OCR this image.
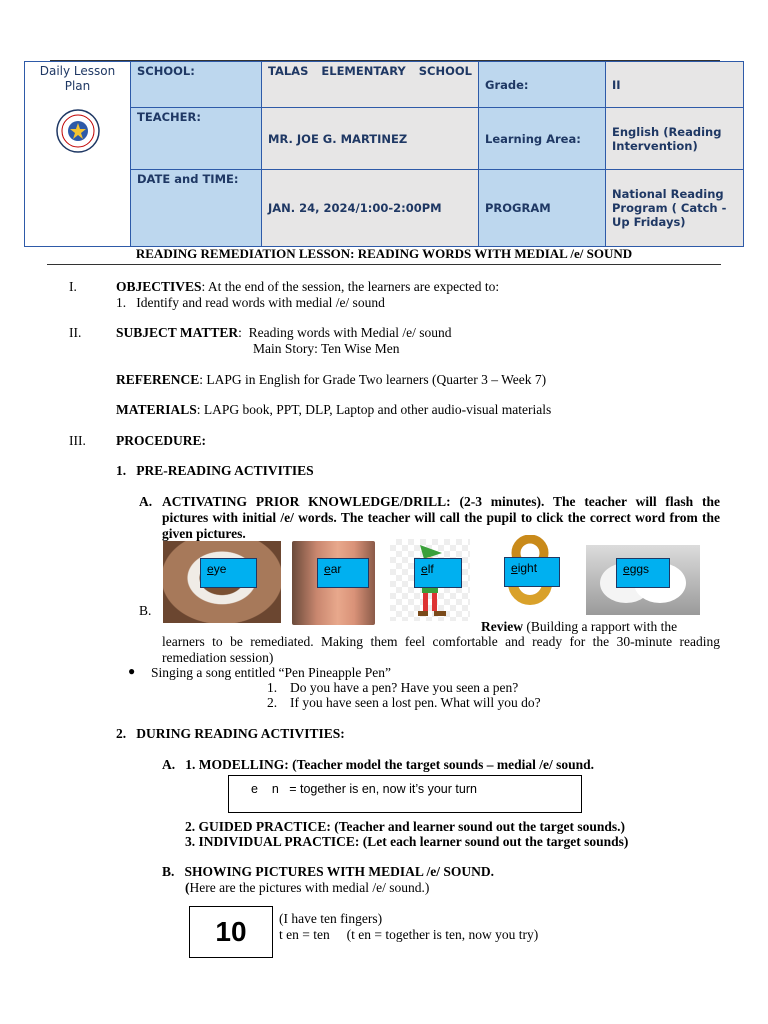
Daily Lesson Plan	SCHOOL:	TALAS ELEMENTARY SCHOOL	Grade:	II
	TEACHER:	MR. JOE G. MARTINEZ	Learning Area:	English (Reading Intervention)
	DATE and TIME:	JAN. 24, 2024/1:00-2:00PM	PROGRAM	National Reading Program ( Catch -Up Fridays)
READING REMEDIATION LESSON: READING WORDS WITH MEDIAL /e/ SOUND
I.	OBJECTIVES: At the end of the session, the learners are expected to:
1.   Identify and read words with medial /e/ sound
II.	SUBJECT MATTER:  Reading words with Medial /e/ sound
Main Story: Ten Wise Men
REFERENCE: LAPG in English for Grade Two learners (Quarter 3 – Week 7)
MATERIALS: LAPG book, PPT, DLP, Laptop and other audio-visual materials
III. PROCEDURE:
1.   PRE-READING ACTIVITIES
A. ACTIVATING PRIOR KNOWLEDGE/DRILL: (2-3 minutes). The teacher will flash the pictures with initial /e/ words. The teacher will call the pupil to click the correct word from the given pictures.
eye	ear	elf	eight	eggs
B.
Review (Building a rapport with the
learners to be remediated. Making them feel comfortable and ready for the 30-minute reading remediation session)
● Singing a song entitled “Pen Pineapple Pen”
1. Do you have a pen? Have you seen a pen?
2. If you have seen a lost pen. What will you do?
2.   DURING READING ACTIVITIES:
A.   1. MODELLING: (Teacher model the target sounds – medial /e/ sound.
e    n   = together is en, now it’s your turn
2. GUIDED PRACTICE: (Teacher and learner sound out the target sounds.)
3. INDIVIDUAL PRACTICE: (Let each learner sound out the target sounds)
B.   SHOWING PICTURES WITH MEDIAL /e/ SOUND.
(Here are the pictures with medial /e/ sound.)
10	(I have ten fingers)
t en = ten     (t en = together is ten, now you try)
